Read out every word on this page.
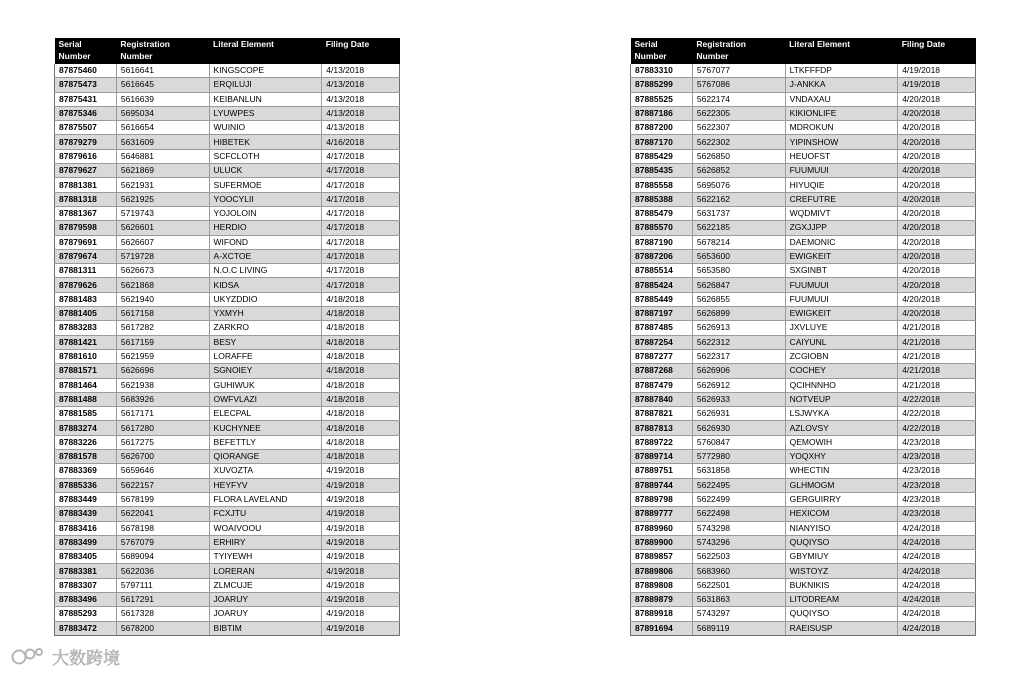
Serial
Number	Registration
Number	Literal Element	Filing Date
87875460	5616641	KINGSCOPE	4/13/2018
87875473	5616645	ERQILUJI	4/13/2018
87875431	5616639	KEIBANLUN	4/13/2018
87875346	5695034	LYUWPES	4/13/2018
87875507	5616654	WUINIO	4/13/2018
87879279	5631609	HIBETEK	4/16/2018
87879616	5646881	SCFCLOTH	4/17/2018
87879627	5621869	ULUCK	4/17/2018
87881381	5621931	SUFERMOE	4/17/2018
87881318	5621925	YOOCYLII	4/17/2018
87881367	5719743	YOJOLOIN	4/17/2018
87879598	5626601	HERDIO	4/17/2018
87879691	5626607	WIFOND	4/17/2018
87879674	5719728	A-XCTOE	4/17/2018
87881311	5626673	N.O.C LIVING	4/17/2018
87879626	5621868	KIDSA	4/17/2018
87881483	5621940	UKYZDDIO	4/18/2018
87881405	5617158	YXMYH	4/18/2018
87883283	5617282	ZARKRO	4/18/2018
87881421	5617159	BESY	4/18/2018
87881610	5621959	LORAFFE	4/18/2018
87881571	5626696	SGNOIEY	4/18/2018
87881464	5621938	GUHIWUK	4/18/2018
87881488	5683926	OWFVLAZI	4/18/2018
87881585	5617171	ELECPAL	4/18/2018
87883274	5617280	KUCHYNEE	4/18/2018
87883226	5617275	BEFETTLY	4/18/2018
87881578	5626700	QIORANGE	4/18/2018
87883369	5659646	XUVOZTA	4/19/2018
87885336	5622157	HEYFYV	4/19/2018
87883449	5678199	FLORA LAVELAND	4/19/2018
87883439	5622041	FCXJTU	4/19/2018
87883416	5678198	WOAIVOOU	4/19/2018
87883499	5767079	ERHIRY	4/19/2018
87883405	5689094	TYIYEWH	4/19/2018
87883381	5622036	LORERAN	4/19/2018
87883307	5797111	ZLMCUJE	4/19/2018
87883496	5617291	JOARUY	4/19/2018
87885293	5617328	JOARUY	4/19/2018
87883472	5678200	BIBTIM	4/19/2018
Serial
Number	Registration
Number	Literal Element	Filing Date
87883310	5767077	LTKFFFDP	4/19/2018
87885299	5767086	J-ANKKA	4/19/2018
87885525	5622174	VNDAXAU	4/20/2018
87887186	5622305	KIKIONLIFE	4/20/2018
87887200	5622307	MDROKUN	4/20/2018
87887170	5622302	YIPINSHOW	4/20/2018
87885429	5626850	HEUOFST	4/20/2018
87885435	5626852	FUUMUUI	4/20/2018
87885558	5695076	HIYUQIE	4/20/2018
87885388	5622162	CREFUTRE	4/20/2018
87885479	5631737	WQDMIVT	4/20/2018
87885570	5622185	ZGXJJPP	4/20/2018
87887190	5678214	DAEMONIC	4/20/2018
87887206	5653600	EWIGKEIT	4/20/2018
87885514	5653580	SXGINBT	4/20/2018
87885424	5626847	FUUMUUI	4/20/2018
87885449	5626855	FUUMUUI	4/20/2018
87887197	5626899	EWIGKEIT	4/20/2018
87887485	5626913	JXVLUYE	4/21/2018
87887254	5622312	CAIYUNL	4/21/2018
87887277	5622317	ZCGIOBN	4/21/2018
87887268	5626906	COCHEY	4/21/2018
87887479	5626912	QCIHNNHO	4/21/2018
87887840	5626933	NOTVEUP	4/22/2018
87887821	5626931	LSJWYKA	4/22/2018
87887813	5626930	AZLOVSY	4/22/2018
87889722	5760847	QEMOWIH	4/23/2018
87889714	5772980	YOQXHY	4/23/2018
87889751	5631858	WHECTIN	4/23/2018
87889744	5622495	GLHMOGM	4/23/2018
87889798	5622499	GERGUIRRY	4/23/2018
87889777	5622498	HEXICOM	4/23/2018
87889960	5743298	NIANYISO	4/24/2018
87889900	5743296	QUQIYSO	4/24/2018
87889857	5622503	GBYMIUY	4/24/2018
87889806	5683960	WISTOYZ	4/24/2018
87889808	5622501	BUKNIKIS	4/24/2018
87889879	5631863	LITODREAM	4/24/2018
87889918	5743297	QUQIYSO	4/24/2018
87891694	5689119	RAEISUSP	4/24/2018
大数跨境
